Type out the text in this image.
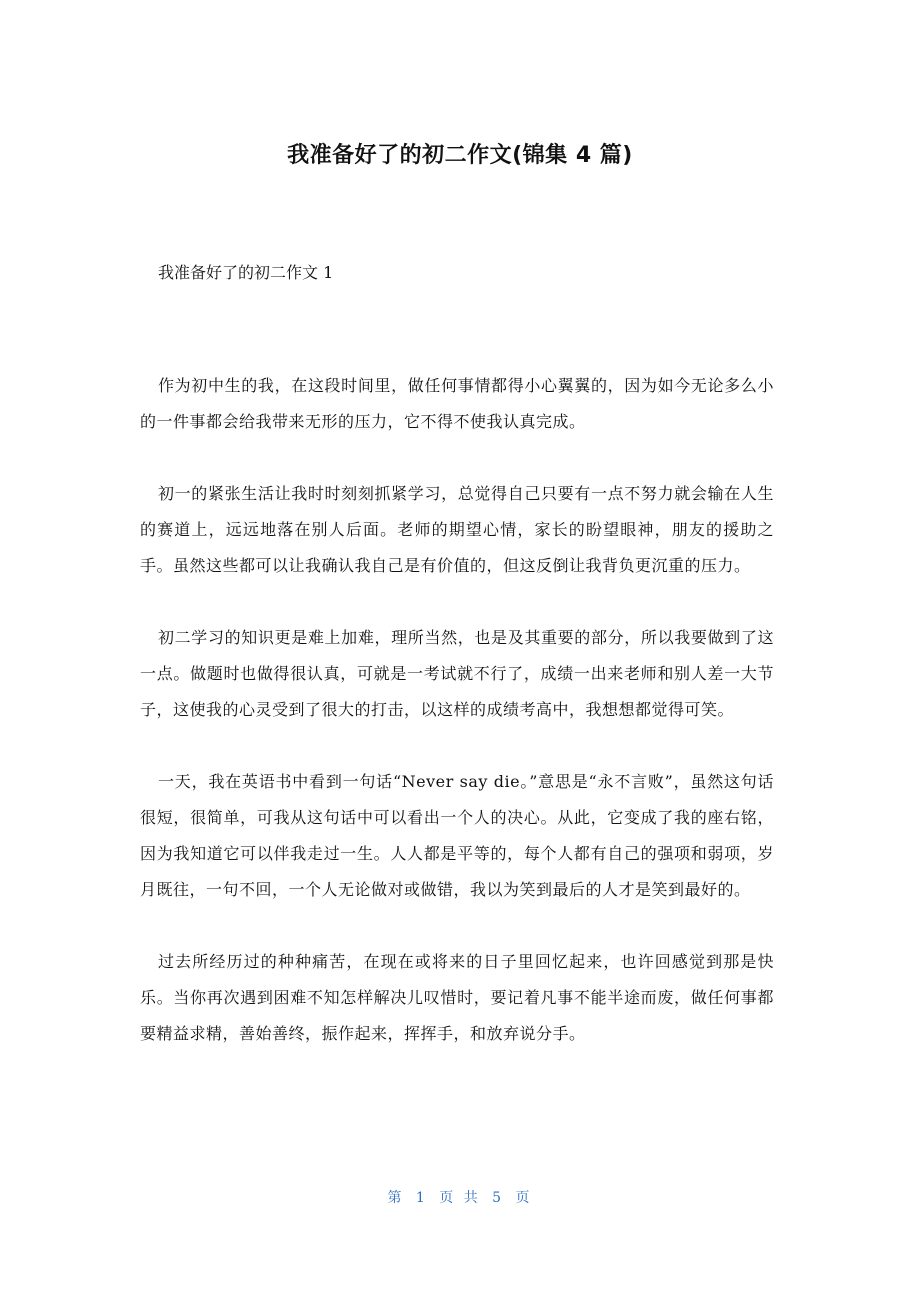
我准备好了的初二作文(锦集 4 篇)
我准备好了的初二作文 1

作为初中生的我，在这段时间里，做任何事情都得小心翼翼的，因为如今无论多么小的一件事都会给我带来无形的压力，它不得不使我认真完成。

初一的紧张生活让我时时刻刻抓紧学习，总觉得自己只要有一点不努力就会输在人生的赛道上，远远地落在别人后面。老师的期望心情，家长的盼望眼神，朋友的援助之手。虽然这些都可以让我确认我自己是有价值的，但这反倒让我背负更沉重的压力。

初二学习的知识更是难上加难，理所当然，也是及其重要的部分，所以我要做到了这一点。做题时也做得很认真，可就是一考试就不行了，成绩一出来老师和别人差一大节子，这使我的心灵受到了很大的打击，以这样的成绩考高中，我想想都觉得可笑。

一天，我在英语书中看到一句话“Never say die。”意思是“永不言败”，虽然这句话很短，很简单，可我从这句话中可以看出一个人的决心。从此，它变成了我的座右铭，因为我知道它可以伴我走过一生。人人都是平等的，每个人都有自己的强项和弱项，岁月既往，一句不回，一个人无论做对或做错，我以为笑到最后的人才是笑到最好的。

过去所经历过的种种痛苦，在现在或将来的日子里回忆起来，也许回感觉到那是快乐。当你再次遇到困难不知怎样解决儿叹惜时，要记着凡事不能半途而废，做任何事都要精益求精，善始善终，振作起来，挥挥手，和放弃说分手。

第 1 页 共 5 页
